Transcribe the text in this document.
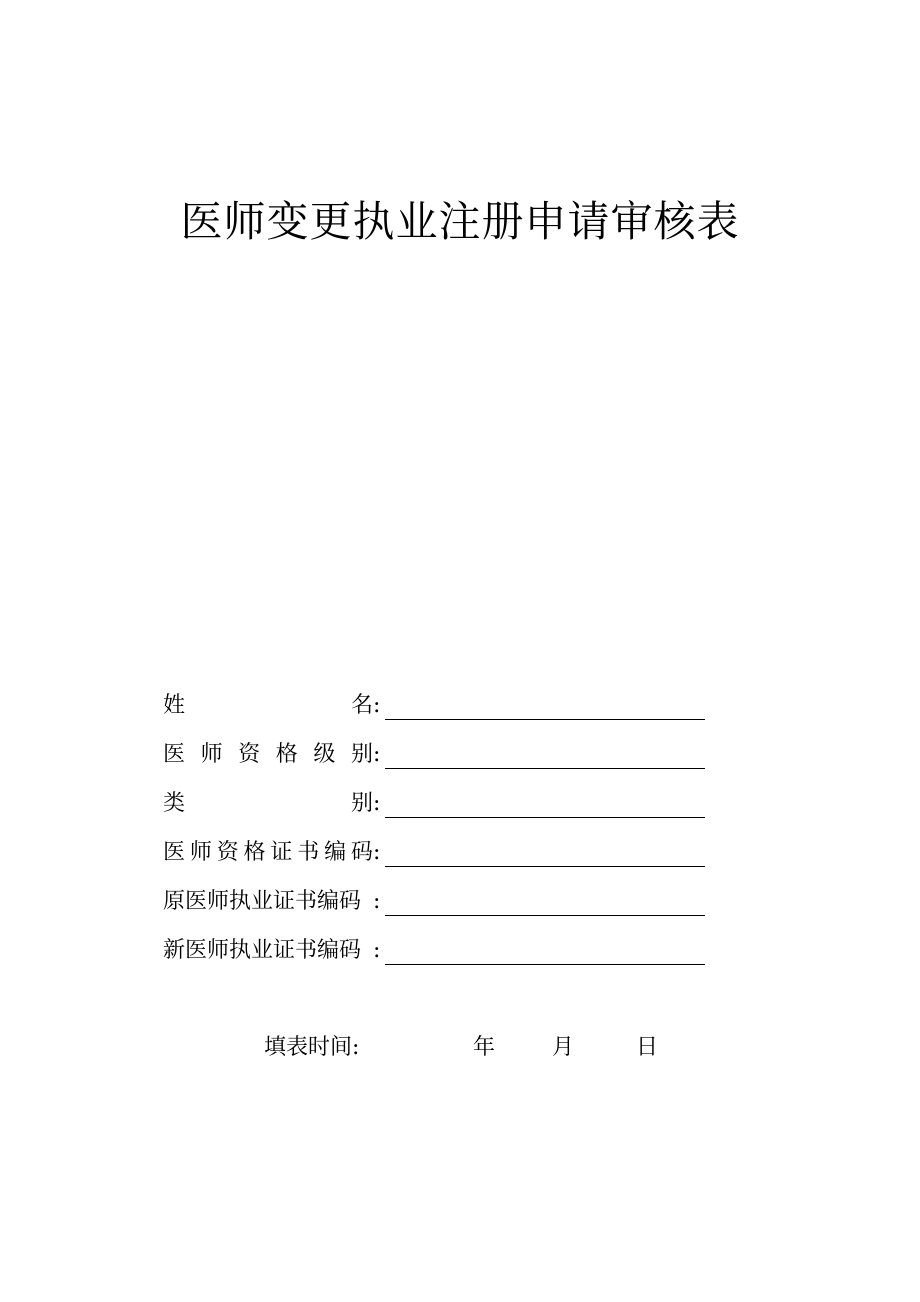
医师变更执业注册申请审核表
姓	名 :
医 师 资 格 级 别 :
类	别 :
医 师 资 格 证 书 编 码 :
原医师执业证书编码 :
新医师执业证书编码 :
填表时间:	年	月	日
